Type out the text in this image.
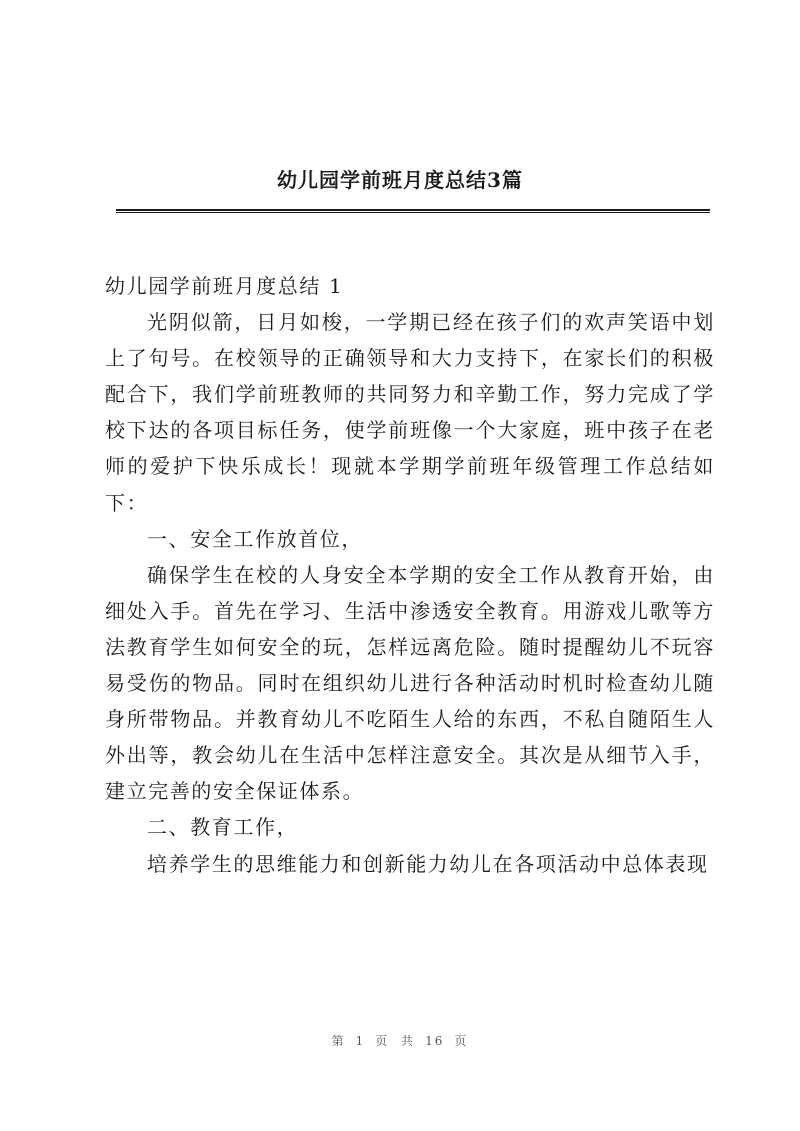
幼儿园学前班月度总结3篇

幼儿园学前班月度总结 1

光阴似箭，日月如梭，一学期已经在孩子们的欢声笑语中划上了句号。在校领导的正确领导和大力支持下，在家长们的积极配合下，我们学前班教师的共同努力和辛勤工作，努力完成了学校下达的各项目标任务，使学前班像一个大家庭，班中孩子在老师的爱护下快乐成长！现就本学期学前班年级管理工作总结如下：

一、安全工作放首位，

确保学生在校的人身安全本学期的安全工作从教育开始，由细处入手。首先在学习、生活中渗透安全教育。用游戏儿歌等方法教育学生如何安全的玩，怎样远离危险。随时提醒幼儿不玩容易受伤的物品。同时在组织幼儿进行各种活动时机时检查幼儿随身所带物品。并教育幼儿不吃陌生人给的东西，不私自随陌生人外出等，教会幼儿在生活中怎样注意安全。其次是从细节入手，建立完善的安全保证体系。

二、教育工作，

培养学生的思维能力和创新能力幼儿在各项活动中总体表现

第 1 页 共 16 页
